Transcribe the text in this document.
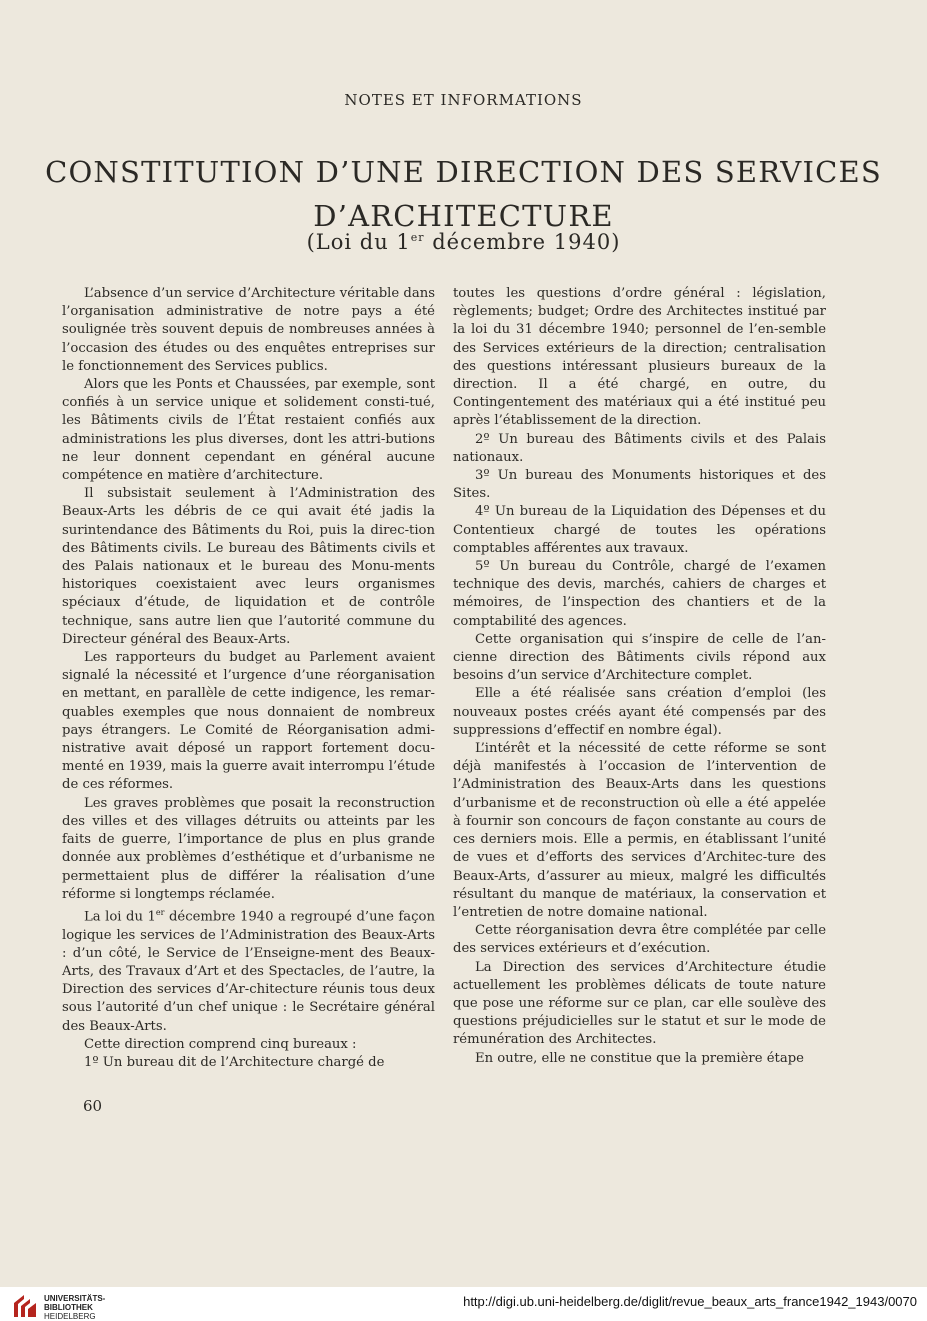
NOTES ET INFORMATIONS
CONSTITUTION D’UNE DIRECTION DES SERVICES
D’ARCHITECTURE
(Loi du 1er décembre 1940)

L’absence d’un service d’Architecture véritable dans l’organisation administrative de notre pays a été soulignée très souvent depuis de nombreuses années à l’occasion des études ou des enquêtes entreprises sur le fonctionnement des Services publics.

Alors que les Ponts et Chaussées, par exemple, sont confiés à un service unique et solidement consti-tué, les Bâtiments civils de l’État restaient confiés aux administrations les plus diverses, dont les attri-butions ne leur donnent cependant en général aucune compétence en matière d’architecture.

Il subsistait seulement à l’Administration des Beaux-Arts les débris de ce qui avait été jadis la surintendance des Bâtiments du Roi, puis la direc-tion des Bâtiments civils. Le bureau des Bâtiments civils et des Palais nationaux et le bureau des Monu-ments historiques coexistaient avec leurs organismes spéciaux d’étude, de liquidation et de contrôle technique, sans autre lien que l’autorité commune du Directeur général des Beaux-Arts.

Les rapporteurs du budget au Parlement avaient signalé la nécessité et l’urgence d’une réorganisation en mettant, en parallèle de cette indigence, les remar-quables exemples que nous donnaient de nombreux pays étrangers. Le Comité de Réorganisation admi-nistrative avait déposé un rapport fortement docu-menté en 1939, mais la guerre avait interrompu l’étude de ces réformes.

Les graves problèmes que posait la reconstruction des villes et des villages détruits ou atteints par les faits de guerre, l’importance de plus en plus grande donnée aux problèmes d’esthétique et d’urbanisme ne permettaient plus de différer la réalisation d’une réforme si longtemps réclamée.

La loi du 1er décembre 1940 a regroupé d’une façon logique les services de l’Administration des Beaux-Arts : d’un côté, le Service de l’Enseigne-ment des Beaux-Arts, des Travaux d’Art et des Spectacles, de l’autre, la Direction des services d’Ar-chitecture réunis tous deux sous l’autorité d’un chef unique : le Secrétaire général des Beaux-Arts.

Cette direction comprend cinq bureaux :

1º Un bureau dit de l’Architecture chargé de

toutes les questions d’ordre général : législation, règlements; budget; Ordre des Architectes institué par la loi du 31 décembre 1940; personnel de l’en-semble des Services extérieurs de la direction; centralisation des questions intéressant plusieurs bureaux de la direction. Il a été chargé, en outre, du Contingentement des matériaux qui a été institué peu après l’établissement de la direction.

2º Un bureau des Bâtiments civils et des Palais nationaux.

3º Un bureau des Monuments historiques et des Sites.

4º Un bureau de la Liquidation des Dépenses et du Contentieux chargé de toutes les opérations comptables afférentes aux travaux.

5º Un bureau du Contrôle, chargé de l’examen technique des devis, marchés, cahiers de charges et mémoires, de l’inspection des chantiers et de la comptabilité des agences.

Cette organisation qui s’inspire de celle de l’an-cienne direction des Bâtiments civils répond aux besoins d’un service d’Architecture complet.

Elle a été réalisée sans création d’emploi (les nouveaux postes créés ayant été compensés par des suppressions d’effectif en nombre égal).

L’intérêt et la nécessité de cette réforme se sont déjà manifestés à l’occasion de l’intervention de l’Administration des Beaux-Arts dans les questions d’urbanisme et de reconstruction où elle a été appelée à fournir son concours de façon constante au cours de ces derniers mois. Elle a permis, en établissant l’unité de vues et d’efforts des services d’Architec-ture des Beaux-Arts, d’assurer au mieux, malgré les difficultés résultant du manque de matériaux, la conservation et l’entretien de notre domaine national.

Cette réorganisation devra être complétée par celle des services extérieurs et d’exécution.

La Direction des services d’Architecture étudie actuellement les problèmes délicats de toute nature que pose une réforme sur ce plan, car elle soulève des questions préjudicielles sur le statut et sur le mode de rémunération des Architectes.

En outre, elle ne constitue que la première étape

60
UNIVERSITÄTS-
BIBLIOTHEK
HEIDELBERG
http://digi.ub.uni-heidelberg.de/diglit/revue_beaux_arts_france1942_1943/0070
